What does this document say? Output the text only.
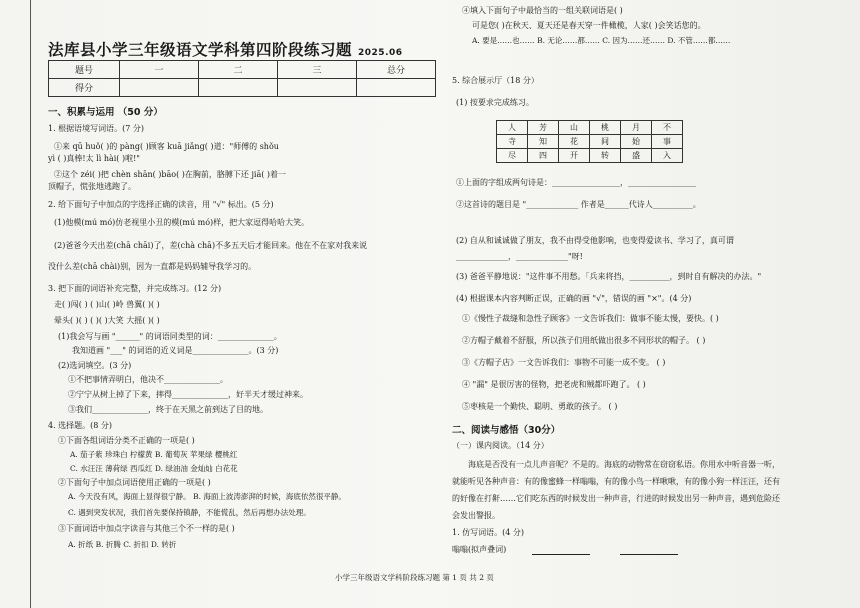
法库县小学三年级语文学科第四阶段练习题 2025.06
题号	一	二	三	总分
得分				
一、积累与运用 （50 分）
1. 根据语境写词语。(7 分)
①来 qū huǒ( )的 pàng( )顾客 kuā jiǎng( )道："师傅的 shǒu
yì ( )真棒!太 lì hài( )啦!"
②这个 zéi( )把 chèn shān( )bāo( )在胸前，胳膊下还 jiā( )着一
顶帽子，慌张地逃跑了。
2. 给下面句子中加点的字选择正确的读音，用 "√" 标出。(5 分)
(1)他模(mú mó)仿老视里小丑的模(mú mó)样，把大家逗得哈哈大笑。
(2)爸爸今天出差(chā chāi)了，差(chà chā)不多五天后才能回来。他在不在家对我来说
没什么差(chā chài)别，因为一直都是妈妈辅导我学习的。
3. 把下面的词语补充完整，并完成练习。(12 分)
走( )闯( ) ( )山( )岭 兽翼( )( )
晕头( )( ) ( )( )大笑 大摇( )( )
(1)我会写与画 "______" 的词语同类型的词：______________。
我知道画 "___" 的词语的近义词是______________。(3 分)
(2)选词填空。(3 分)
①不把事情弄明白，他决不______________。
②宁宁从树上掉了下来，摔得______________，好半天才缓过神来。
③我们______________，终于在天黑之前到达了目的地。
4. 选择题。(8 分)
①下面各组词语分类不正确的一项是( )
A. 茄子紫 珍珠白 柠檬黄 B. 葡萄灰 苹果绿 樱桃红
C. 水汪汪 薄荷绿 西瓜红 D. 绿油油 金灿灿 白花花
②下面句子中加点词语使用正确的一项是( )
A. 今天没有风，海面上显得很宁静。 B. 海面上波涛澎湃的时候，海底依然很平静。
C. 遇到突发状况，我们首先要保持镇静，不能慌乱，然后再想办法处理。
③下面词语中加点字读音与其他三个不一样的是( )
A. 折纸 B. 折腾 C. 折扣 D. 转折
④填入下面句子中最恰当的一组关联词语是( )
可是您( )在秋天、夏天还是春天穿一件橄榄，人家( )会笑话您的。
A. 要是……也…… B. 无论……都…… C. 因为……还…… D. 不管……都……
5. 综合展示厅（18 分）
(1) 按要求完成练习。
人	芳	山	桃	月	不
寺	知	花	间	始	事
尽	四	开	转	盛	入
①上面的字组成两句诗是：_________________，_________________
②这首诗的题目是 "_____________ 作者是______代诗人__________。
(2) 自从和诚诚做了朋友，我不由得受他影响，也变得爱读书、学习了，真可谓
_____________，_____________"呀!
(3) 爸爸平静地说："这件事不用愁。「兵来将挡，__________，到时自有解决的办法。"
(4) 根据课本内容判断正误，正确的画 "√"，错误的画 "×"。(4 分)
①《慢性子裁缝和急性子顾客》一文告诉我们：做事不能太慢，要快。( )
②方帽子戴着不舒服，所以孩子们用纸做出很多不同形状的帽子。 ( )
③《方帽子店》一文告诉我们：事物不可能一成不变。 ( )
④ "漏" 是很厉害的怪物，把老虎和贼都吓跑了。 ( )
⑤枣核是一个勤快、聪明、勇敢的孩子。 ( )
二、阅读与感悟（30分）
（一）课内阅读。（14 分）
海底是否没有一点儿声音呢？不是的。海底的动物常在窃窃私语。你用水中听音器一听，
就能听见各种声音：有的像蜜蜂一样嗡嗡，有的像小鸟一样啾啾，有的像小狗一样汪汪，还有
的好像在打鼾……它们吃东西的时候发出一种声音，行进的时候发出另一种声音，遇到危险还
会发出警报。
1. 仿写词语。(4 分)
嗡嗡(拟声叠词)
小学三年级语文学科阶段练习题 第 1 页 共 2 页
